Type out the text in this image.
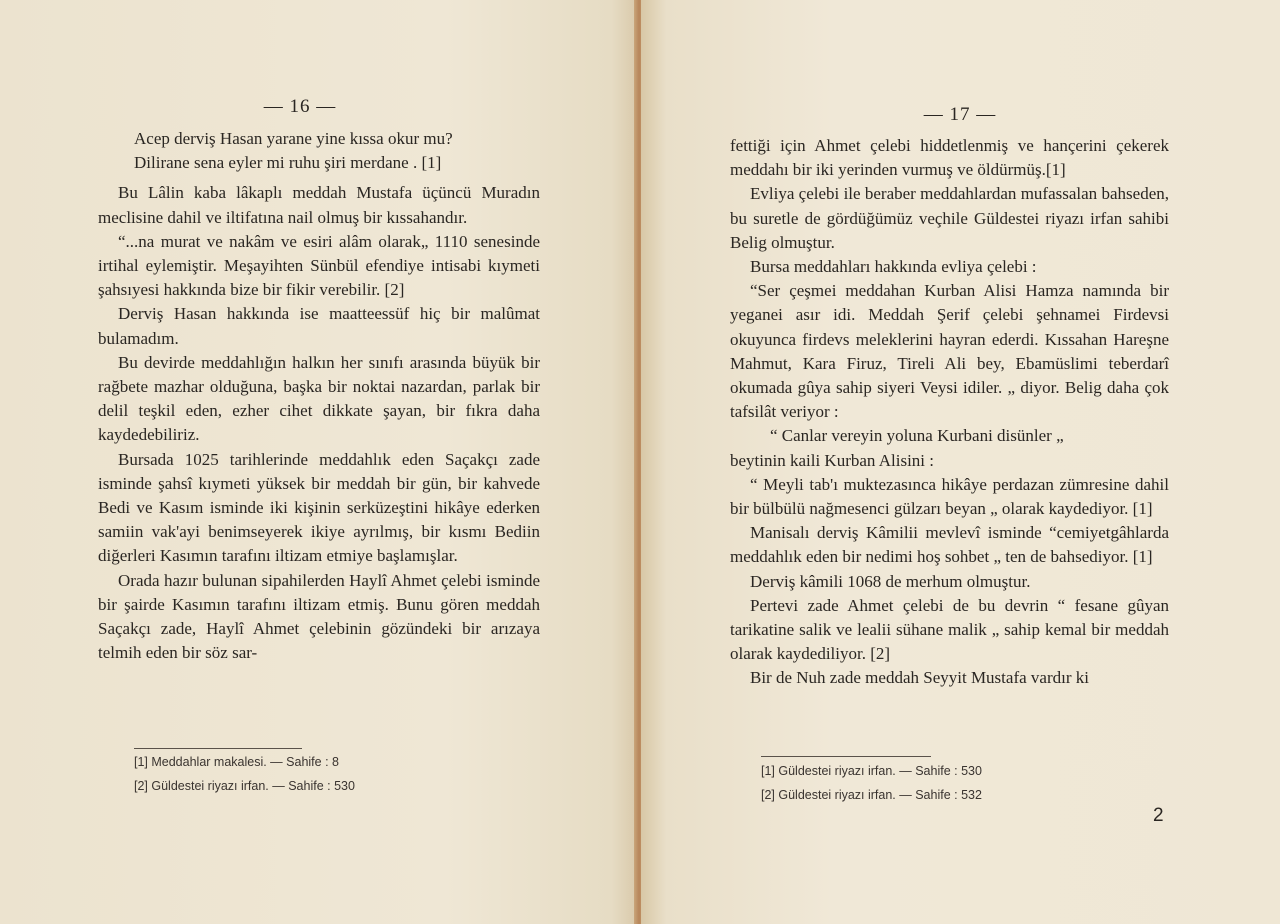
— 16 —

Acep derviş Hasan yarane yine kıssa okur mu?

Dilirane sena eyler mi ruhu şiri merdane . [1]

Bu Lâlin kaba lâkaplı meddah Mustafa üçüncü Muradın meclisine dahil ve iltifatına nail olmuş bir kıssahandır.

“...na murat ve nakâm ve esiri alâm olarak„ 1110 senesinde irtihal eylemiştir. Meşayihten Sünbül efendiye intisabi kıymeti şahsıyesi hakkında bize bir fikir verebilir. [2]

Derviş Hasan hakkında ise maatteessüf hiç bir malûmat bulamadım.

Bu devirde meddahlığın halkın her sınıfı arasında büyük bir rağbete mazhar olduğuna, başka bir noktai nazardan, parlak bir delil teşkil eden, ezher cihet dikkate şayan, bir fıkra daha kaydedebiliriz.

Bursada 1025 tarihlerinde meddahlık eden Saçakçı zade isminde şahsî kıymeti yüksek bir meddah bir gün, bir kahvede Bedi ve Kasım isminde iki kişinin serküzeştini hikâye ederken samiin vak'ayi benimseyerek ikiye ayrılmış, bir kısmı Bediin diğerleri Kasımın tarafını iltizam etmiye başlamışlar.

Orada hazır bulunan sipahilerden Haylî Ahmet çelebi isminde bir şairde Kasımın tarafını iltizam etmiş. Bunu gören meddah Saçakçı zade, Haylî Ahmet çelebinin gözündeki bir arızaya telmih eden bir söz sar-

[1] Meddahlar makalesi. — Sahife : 8
[2] Güldestei riyazı irfan. — Sahife : 530
— 17 —

fettiği için Ahmet çelebi hiddetlenmiş ve hançerini çekerek meddahı bir iki yerinden vurmuş ve öldürmüş.[1]

Evliya çelebi ile beraber meddahlardan mufassalan bahseden, bu suretle de gördüğümüz veçhile Güldestei riyazı irfan sahibi Belig olmuştur.

Bursa meddahları hakkında evliya çelebi :

“Ser çeşmei meddahan Kurban Alisi Hamza namında bir yeganei asır idi. Meddah Şerif çelebi şehnamei Firdevsi okuyunca firdevs meleklerini hayran ederdi. Kıssahan Hareşne Mahmut, Kara Firuz, Tireli Ali bey, Ebamüslimi teberdarî okumada gûya sahip siyeri Veysi idiler. „ diyor. Belig daha çok tafsilât veriyor :

“ Canlar vereyin yoluna Kurbani disünler „

beytinin kaili Kurban Alisini :

“ Meyli tab'ı muktezasınca hikâye perdazan zümresine dahil bir bülbülü nağmesenci gülzarı beyan „ olarak kaydediyor. [1]

Manisalı derviş Kâmilii mevlevî isminde “cemiyetgâhlarda meddahlık eden bir nedimi hoş sohbet „ ten de bahsediyor. [1]

Derviş kâmili 1068 de merhum olmuştur.

Pertevi zade Ahmet çelebi de bu devrin “ fesane gûyan tarikatine salik ve lealii sühane malik „ sahip kemal bir meddah olarak kaydediliyor. [2]

Bir de Nuh zade meddah Seyyit Mustafa vardır ki

[1] Güldestei riyazı irfan. — Sahife : 530
[2] Güldestei riyazı irfan. — Sahife : 532
2
